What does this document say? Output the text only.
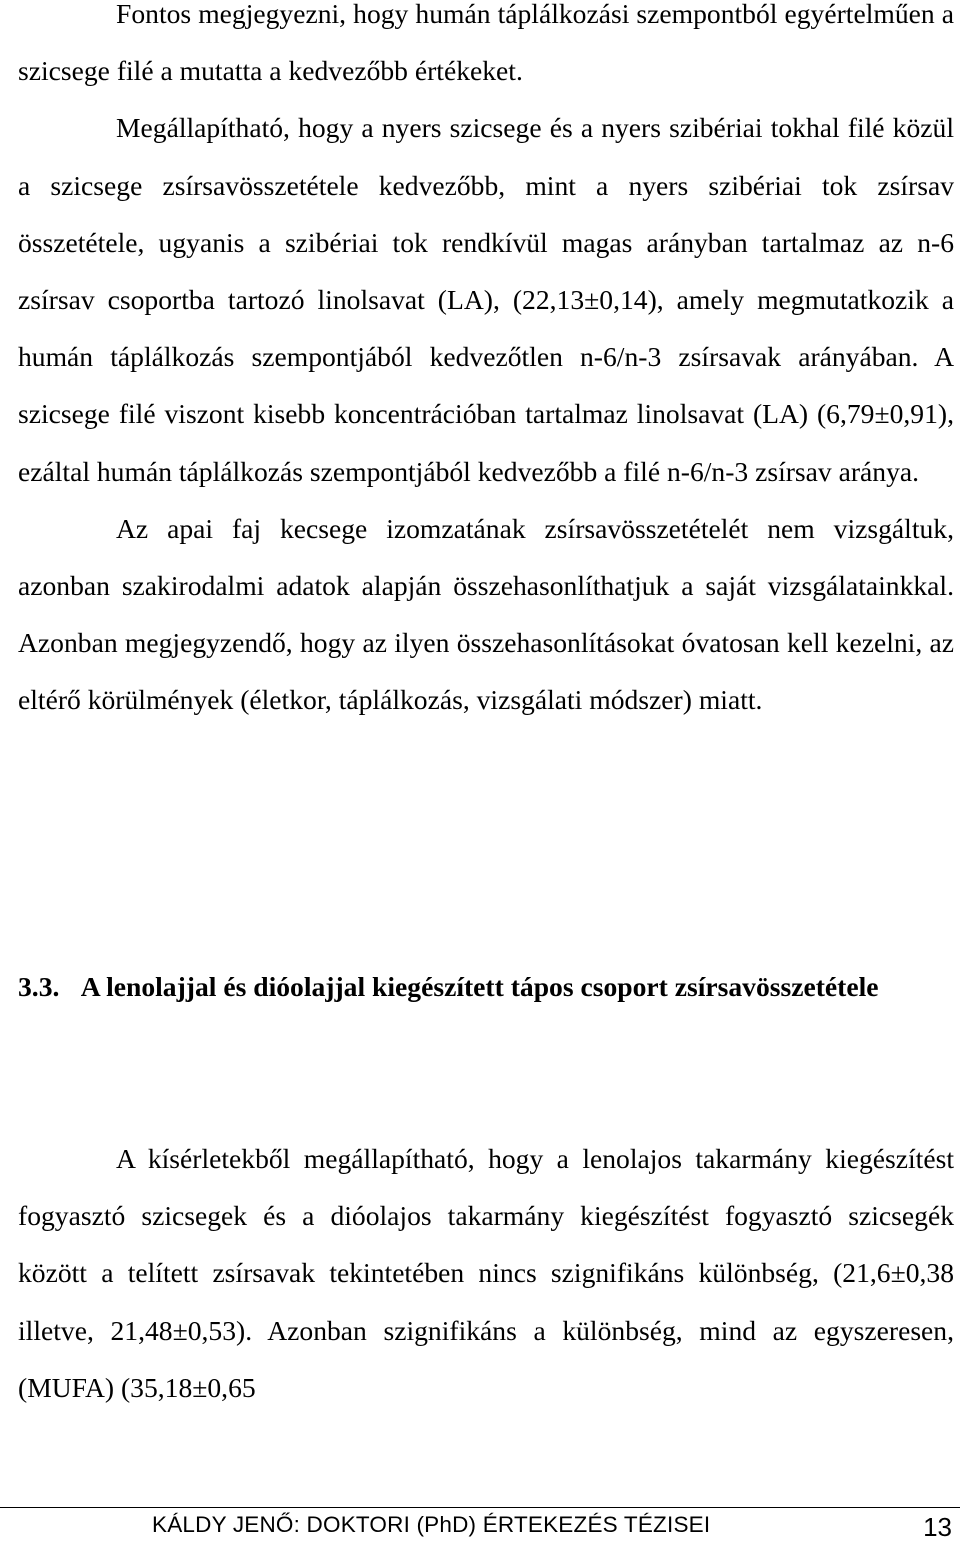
Fontos megjegyezni, hogy humán táplálkozási szempontból egyértelműen a szicsege filé a mutatta a kedvezőbb értékeket.

Megállapítható, hogy a nyers szicsege és a nyers szibériai tokhal filé közül a szicsege zsírsavösszetétele kedvezőbb, mint a nyers szibériai tok zsírsav összetétele, ugyanis a szibériai tok rendkívül magas arányban tartalmaz az n-6 zsírsav csoportba tartozó linolsavat (LA), (22,13±0,14), amely megmutatkozik a humán táplálkozás szempontjából kedvezőtlen n-6/n-3 zsírsavak arányában. A szicsege filé viszont kisebb koncentrációban tartalmaz linolsavat (LA) (6,79±0,91), ezáltal humán táplálkozás szempontjából kedvezőbb a filé n-6/n-3 zsírsav aránya.

Az apai faj kecsege izomzatának zsírsavösszetételét nem vizsgáltuk, azonban szakirodalmi adatok alapján összehasonlíthatjuk a saját vizsgálatainkkal. Azonban megjegyzendő, hogy az ilyen összehasonlításokat óvatosan kell kezelni, az eltérő körülmények (életkor, táplálkozás, vizsgálati módszer) miatt.

3.3. A lenolajjal és dióolajjal kiegészített tápos csoport zsírsavösszetétele

A kísérletekből megállapítható, hogy a lenolajos takarmány kiegészítést fogyasztó szicsegek és a dióolajos takarmány kiegészítést fogyasztó szicsegék között a telített zsírsavak tekintetében nincs szignifikáns különbség, (21,6±0,38 illetve, 21,48±0,53). Azonban szignifikáns a különbség, mind az egyszeresen, (MUFA) (35,18±0,65

KÁLDY JENŐ: DOKTORI (PhD) ÉRTEKEZÉS TÉZISEI	13
